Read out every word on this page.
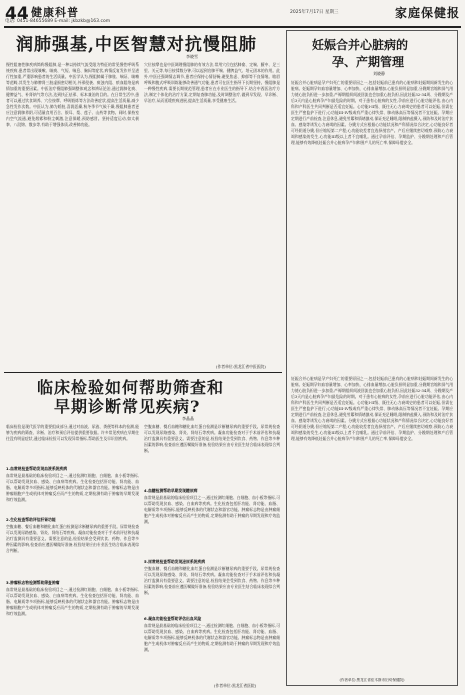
44 健康科普	2025年7月17日 星期三	家庭保健报
电话: 0451-84655689 E-mail: jkbzkb@163.com
润肺强基,中医智慧对抗慢阻肺
李晓雪
慢性阻塞性肺疾病简称慢阻肺,是一种以持续气流受限为特征的常见慢性呼吸系统疾病,患者常出现咳嗽、咳痰、气短、喘息、胸闷等症状,病情反复发作并呈进行性加重,严重影响患者的生活质量。中医学认为,慢阻肺属于肺胀、喘证、咳嗽等范畴,其发生与肺脾肾三脏虚损密切相关,外邪侵袭、痰浊内阻、瘀血阻络是病情加重的重要因素。中医治疗慢阻肺强调整体观念和辨证论治,通过润肺化痰、健脾益气、补肾纳气等方法,达到扶正祛邪、标本兼治的目的。在日常生活中,患者可以通过饮食调养、穴位按摩、呼吸锻炼等方法改善症状,提高生活质量,减少急性发作次数。中医认为,肺为娇脏,喜润恶燥,秋冬季节气候干燥,慢阻肺患者更应注意润肺养阴,可适量食用百合、银耳、梨、莲子、山药等食物。同时,保持室内空气流通,避免烟雾和粉尘刺激,注意保暖,预防感冒。坚持适度运动,如太极拳、八段锦、散步等,有助于增强体质,改善肺功能。
穴位按摩也是中医调理慢阻肺的有效方法,常用穴位包括肺俞、定喘、膻中、足三里、关元等,每日按揉数分钟,可以起到宣肺平喘、健脾益气、培元固本的作用。此外,中医还强调情志调节,患者应保持心情舒畅,避免焦虑、抑郁等不良情绪。缩唇呼吸和腹式呼吸训练能够改善通气功能,患者可在医生指导下长期坚持。慢阻肺是一种慢性疾病,需要长期规范管理,患者应在专业医生的指导下,结合中西医治疗方法,制定个体化的治疗方案,定期复查肺功能,及时调整治疗,做到早发现、早诊断、早治疗,从而延缓疾病进展,提高生活质量,享受健康生活。
(作者单位:黑龙江省中医医院)
临床检验如何帮助筛查和
早期诊断常见疾病?
李晶晶
临床检验是现代医学的重要组成部分,通过对血液、尿液、粪便等样本的检测,能够为疾病的筛查、诊断、治疗和预后评估提供重要依据。许多常见疾病在早期往往没有明显症状,通过临床检验可以发现异常指标,帮助医生及早识别疾病。
1.血常规检查帮助发现血液系统疾病
血常规是最基础的临床检验项目之一,通过检测红细胞、白细胞、血小板等指标,可以帮助发现贫血、感染、白血病等疾病。生化检查包括肝功能、肾功能、血脂、电解质等多项指标,能够反映机体的代谢状态和器官功能。肿瘤标志物是由肿瘤细胞产生或机体对肿瘤反应而产生的物质,定期检测有助于肿瘤的早期发现和疗效监测。
2.生化检查帮助评估肝肾功能
空腹血糖、餐后血糖和糖化血红蛋白检测是诊断糖尿病的重要手段。尿常规检查可以发现尿路感染、肾炎、肾结石等疾病。凝血功能检查对于手术前评估和抗凝治疗监测具有重要意义。需要注意的是,检验结果会受到饮食、药物、作息等多种因素的影响,检查前应遵医嘱做好准备,检验结果应由专业医生结合临床表现综合判断。
3.肿瘤标志物检测帮助筛查肿瘤
血常规是最基础的临床检验项目之一,通过检测红细胞、白细胞、血小板等指标,可以帮助发现贫血、感染、白血病等疾病。生化检查包括肝功能、肾功能、血脂、电解质等多项指标,能够反映机体的代谢状态和器官功能。肿瘤标志物是由肿瘤细胞产生或机体对肿瘤反应而产生的物质,定期检测有助于肿瘤的早期发现和疗效监测。
空腹血糖、餐后血糖和糖化血红蛋白检测是诊断糖尿病的重要手段。尿常规检查可以发现尿路感染、肾炎、肾结石等疾病。凝血功能检查对于手术前评估和抗凝治疗监测具有重要意义。需要注意的是,检验结果会受到饮食、药物、作息等多种因素的影响,检查前应遵医嘱做好准备,检验结果应由专业医生结合临床表现综合判断。
4.血糖检测帮助早期发现糖尿病
血常规是最基础的临床检验项目之一,通过检测红细胞、白细胞、血小板等指标,可以帮助发现贫血、感染、白血病等疾病。生化检查包括肝功能、肾功能、血脂、电解质等多项指标,能够反映机体的代谢状态和器官功能。肿瘤标志物是由肿瘤细胞产生或机体对肿瘤反应而产生的物质,定期检测有助于肿瘤的早期发现和疗效监测。
5.尿常规检查帮助发现泌尿系统疾病
空腹血糖、餐后血糖和糖化血红蛋白检测是诊断糖尿病的重要手段。尿常规检查可以发现尿路感染、肾炎、肾结石等疾病。凝血功能检查对于手术前评估和抗凝治疗监测具有重要意义。需要注意的是,检验结果会受到饮食、药物、作息等多种因素的影响,检查前应遵医嘱做好准备,检验结果应由专业医生结合临床表现综合判断。
6.凝血功能检查帮助评估出血风险
血常规是最基础的临床检验项目之一,通过检测红细胞、白细胞、血小板等指标,可以帮助发现贫血、感染、白血病等疾病。生化检查包括肝功能、肾功能、血脂、电解质等多项指标,能够反映机体的代谢状态和器官功能。肿瘤标志物是由肿瘤细胞产生或机体对肿瘤反应而产生的物质,定期检测有助于肿瘤的早期发现和疗效监测。
(作者单位:黑龙江省医院)
妊娠合并心脏病的
孕、产期管理
刘晓静
妊娠合并心脏病是孕产妇死亡的重要原因之一,包括妊娠前已患有的心脏病和妊娠期间新发生的心脏病。妊娠期孕妇血容量增加、心率加快、心排血量增加,心脏负担明显加重,分娩期宫缩和屏气用力使心脏负担进一步加重,产褥期组织间液回流也会加重心脏负担,因此妊娠32-34周、分娩期及产后3天内是心脏病孕产妇最危险的时期。对于患有心脏病的女性,孕前应进行心脏功能评估,由心内科和产科医生共同判断是否适宜妊娠。心功能I-II级、既往无心力衰竭史的患者可以妊娠,但需在医生严密监护下进行;心功能III-IV级或有严重心律失常、肺动脉高压等情况者不宜妊娠。孕期应定期进行产前检查,注意休息,避免劳累和情绪激动,保证充足睡眠,限制钠盐摄入,预防和及时治疗贫血、感染等诱发心力衰竭的因素。分娩方式应根据心功能状况和产科情况综合决定,心功能良好者可经阴道分娩,但应缩短第二产程;心功能较差者宜选择剖宫产。产后应继续密切观察,预防心力衰竭和感染的发生,心功能III级以上者不宜哺乳。通过孕前评估、孕期监护、分娩期处理和产后管理,能够有效降低妊娠合并心脏病孕产妇和围产儿的死亡率,保障母婴安全。
妊娠合并心脏病是孕产妇死亡的重要原因之一,包括妊娠前已患有的心脏病和妊娠期间新发生的心脏病。妊娠期孕妇血容量增加、心率加快、心排血量增加,心脏负担明显加重,分娩期宫缩和屏气用力使心脏负担进一步加重,产褥期组织间液回流也会加重心脏负担,因此妊娠32-34周、分娩期及产后3天内是心脏病孕产妇最危险的时期。对于患有心脏病的女性,孕前应进行心脏功能评估,由心内科和产科医生共同判断是否适宜妊娠。心功能I-II级、既往无心力衰竭史的患者可以妊娠,但需在医生严密监护下进行;心功能III-IV级或有严重心律失常、肺动脉高压等情况者不宜妊娠。孕期应定期进行产前检查,注意休息,避免劳累和情绪激动,保证充足睡眠,限制钠盐摄入,预防和及时治疗贫血、感染等诱发心力衰竭的因素。分娩方式应根据心功能状况和产科情况综合决定,心功能良好者可经阴道分娩,但应缩短第二产程;心功能较差者宜选择剖宫产。产后应继续密切观察,预防心力衰竭和感染的发生,心功能III级以上者不宜哺乳。通过孕前评估、孕期监护、分娩期处理和产后管理,能够有效降低妊娠合并心脏病孕产妇和围产儿的死亡率,保障母婴安全。
(作者单位:黑龙江省佳木斯市妇幼保健院)
